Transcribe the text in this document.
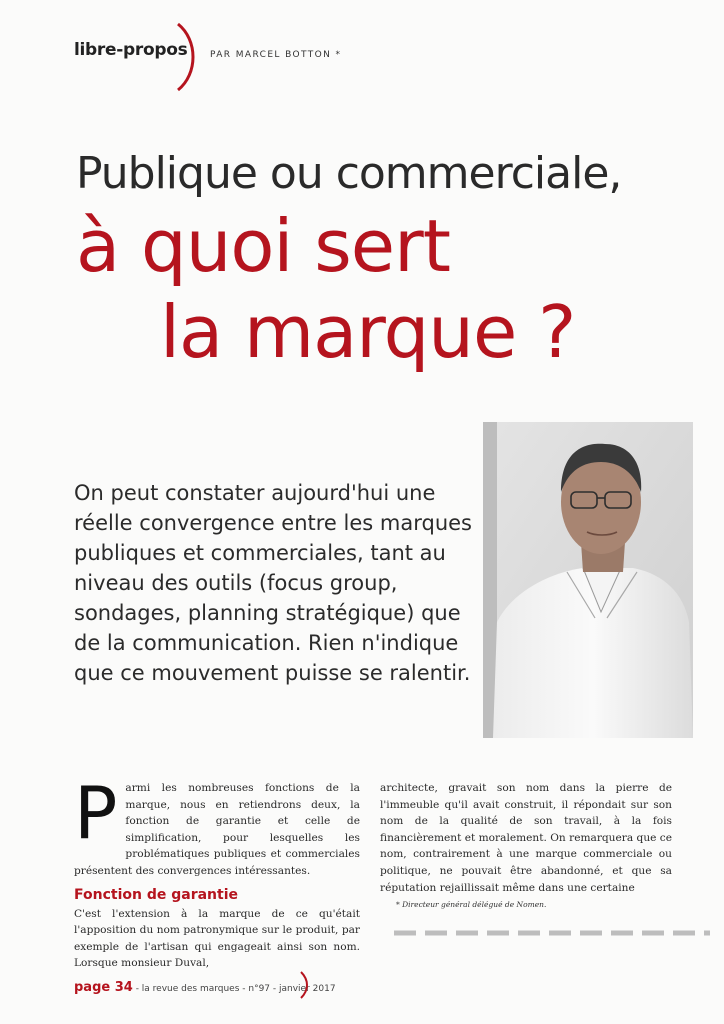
libre-propos	PAR MARCEL BOTTON *
Publique ou commerciale,
à quoi sert
la marque ?

On peut constater aujourd'hui une réelle convergence entre les marques publiques et commerciales, tant au niveau des outils (focus group, sondages, planning stratégique) que de la communication. Rien n'indique que ce mouvement puisse se ralentir.

Parmi les nombreuses fonctions de la marque, nous en retiendrons deux, la fonction de garantie et celle de simplification, pour lesquelles les problématiques publiques et commerciales présentent des convergences intéressantes.

Fonction de garantie

C'est l'extension à la marque de ce qu'était l'apposition du nom patronymique sur le produit, par exemple de l'artisan qui engageait ainsi son nom. Lorsque monsieur Duval,

architecte, gravait son nom dans la pierre de l'immeuble qu'il avait construit, il répondait sur son nom de la qualité de son travail, à la fois financièrement et moralement. On remarquera que ce nom, contrairement à une marque commerciale ou politique, ne pouvait être abandonné, et que sa réputation rejaillissait même dans une certaine

* Directeur général délégué de Nomen.
page 34 - la revue des marques - n°97 - janvier 2017
